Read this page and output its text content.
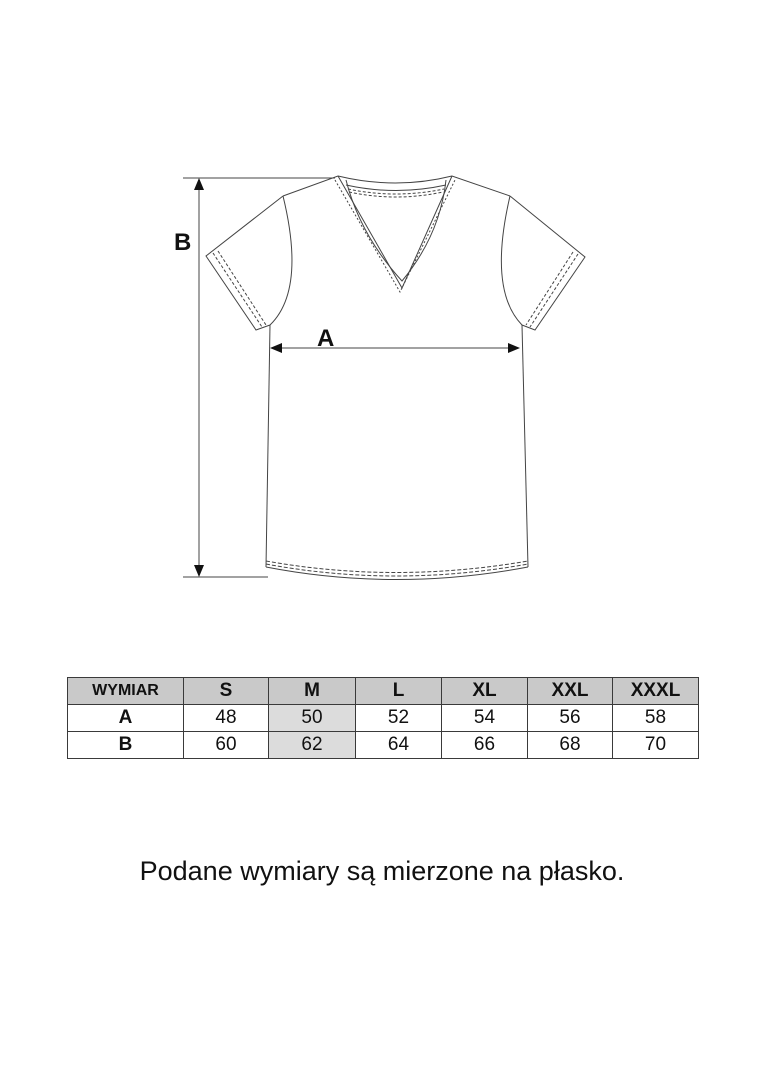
B
A
WYMIAR	S	M	L	XL	XXL	XXXL
A	48	50	52	54	56	58
B	60	62	64	66	68	70
Podane wymiary są mierzone na płasko.
